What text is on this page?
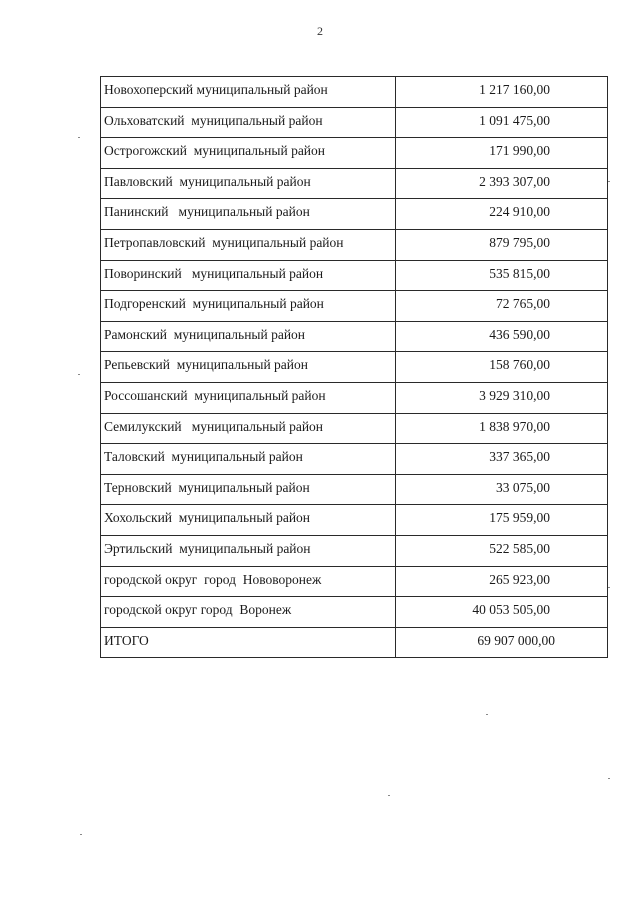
2
Новохоперский муниципальный район	1 217 160,00
Ольховатский  муниципальный район	1 091 475,00
Острогожский  муниципальный район	171 990,00
Павловский  муниципальный район	2 393 307,00
Панинский   муниципальный район	224 910,00
Петропавловский  муниципальный район	879 795,00
Поворинский   муниципальный район	535 815,00
Подгоренский  муниципальный район	72 765,00
Рамонский  муниципальный район	436 590,00
Репьевский  муниципальный район	158 760,00
Россошанский  муниципальный район	3 929 310,00
Семилукский   муниципальный район	1 838 970,00
Таловский  муниципальный район	337 365,00
Терновский  муниципальный район	33 075,00
Хохольский  муниципальный район	175 959,00
Эртильский  муниципальный район	522 585,00
городской округ  город  Нововоронеж	265 923,00
городской округ город  Воронеж	40 053 505,00
ИТОГО	69 907 000,00
